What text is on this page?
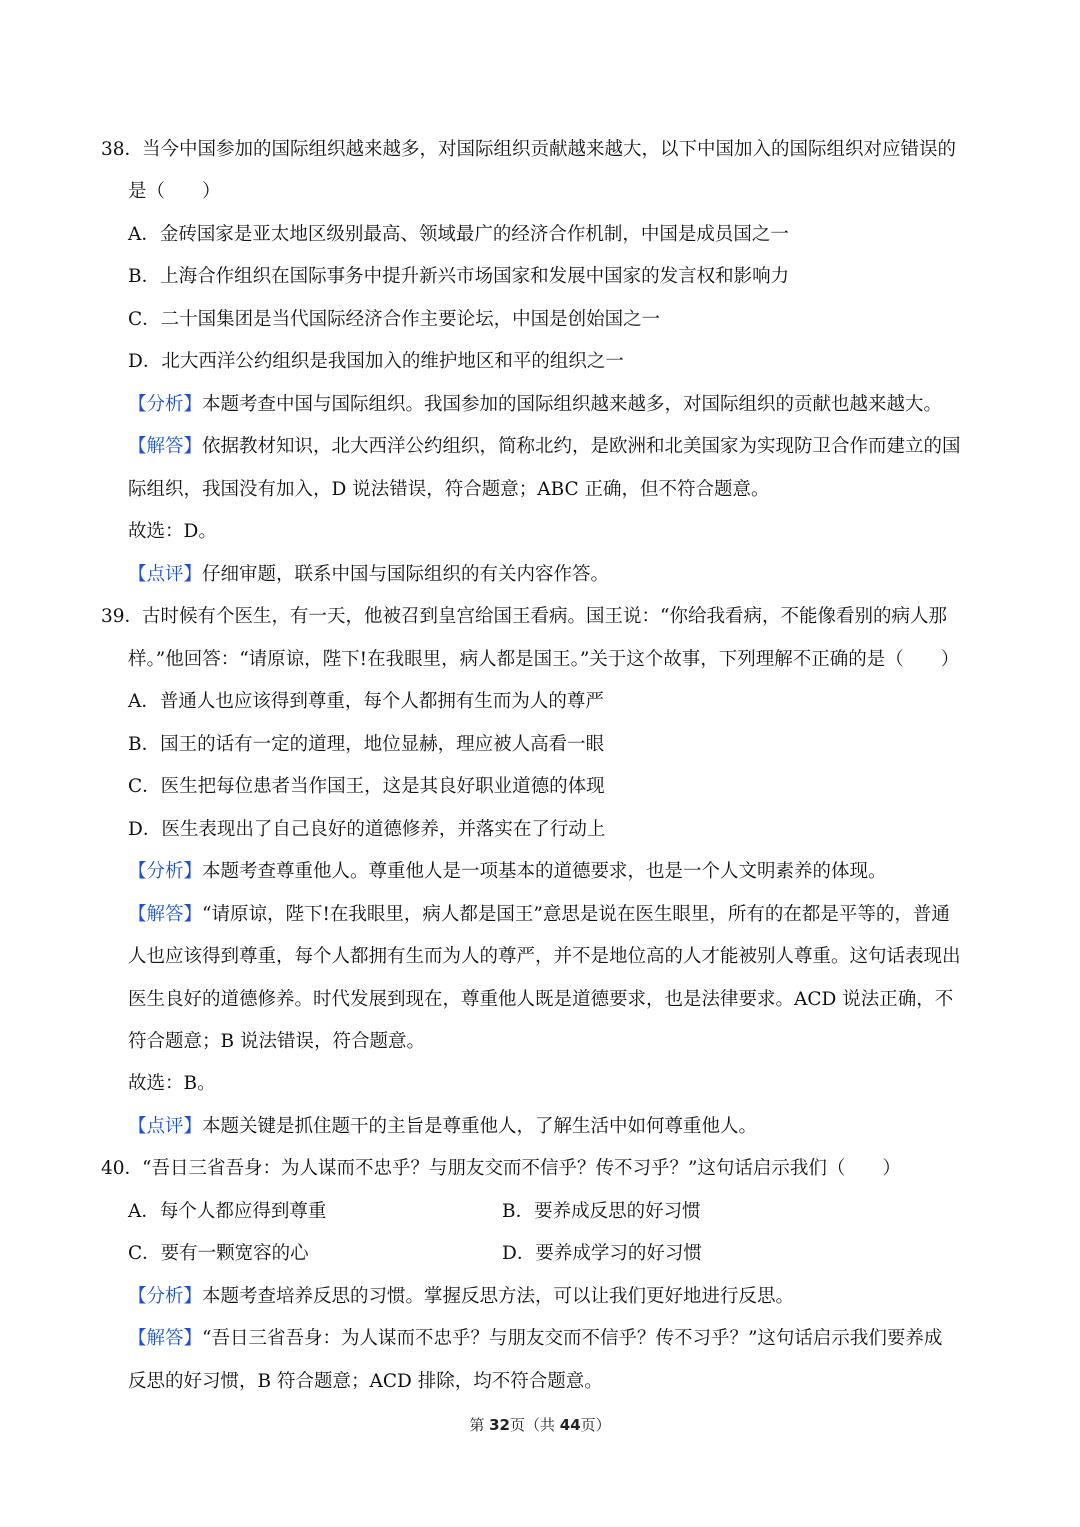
38．
当今中国参加的国际组织越来越多，对国际组织贡献越来越大，以下中国加入的国际组织对应错误的
是（　　）
A．金砖国家是亚太地区级别最高、领域最广的经济合作机制，中国是成员国之一
B．上海合作组织在国际事务中提升新兴市场国家和发展中国家的发言权和影响力
C．二十国集团是当代国际经济合作主要论坛，中国是创始国之一
D．北大西洋公约组织是我国加入的维护地区和平的组织之一
【分析】本题考查中国与国际组织。我国参加的国际组织越来越多，对国际组织的贡献也越来越大。
【解答】依据教材知识，北大西洋公约组织，简称北约，是欧洲和北美国家为实现防卫合作而建立的国
际组织，我国没有加入，D 说法错误，符合题意；ABC 正确，但不符合题意。
故选：D。
【点评】仔细审题，联系中国与国际组织的有关内容作答。
39．
古时候有个医生，有一天，他被召到皇宫给国王看病。国王说：“你给我看病，不能像看别的病人那
样。”他回答：“请原谅，陛下!在我眼里，病人都是国王。”关于这个故事，下列理解不正确的是（　　）
A．普通人也应该得到尊重，每个人都拥有生而为人的尊严
B．国王的话有一定的道理，地位显赫，理应被人高看一眼
C．医生把每位患者当作国王，这是其良好职业道德的体现
D．医生表现出了自己良好的道德修养，并落实在了行动上
【分析】本题考查尊重他人。尊重他人是一项基本的道德要求，也是一个人文明素养的体现。
【解答】“请原谅，陛下!在我眼里，病人都是国王”意思是说在医生眼里，所有的在都是平等的，普通
人也应该得到尊重，每个人都拥有生而为人的尊严，并不是地位高的人才能被别人尊重。这句话表现出
医生良好的道德修养。时代发展到现在，尊重他人既是道德要求，也是法律要求。ACD 说法正确，不
符合题意；B 说法错误，符合题意。
故选：B。
【点评】本题关键是抓住题干的主旨是尊重他人，了解生活中如何尊重他人。
40．
“吾日三省吾身：为人谋而不忠乎？与朋友交而不信乎？传不习乎？”这句话启示我们（　　）
A．每个人都应得到尊重	B．要养成反思的好习惯
C．要有一颗宽容的心	D．要养成学习的好习惯
【分析】本题考查培养反思的习惯。掌握反思方法，可以让我们更好地进行反思。
【解答】“吾日三省吾身：为人谋而不忠乎？与朋友交而不信乎？传不习乎？”这句话启示我们要养成
反思的好习惯，B 符合题意；ACD 排除，均不符合题意。
第 32页（共 44页）
